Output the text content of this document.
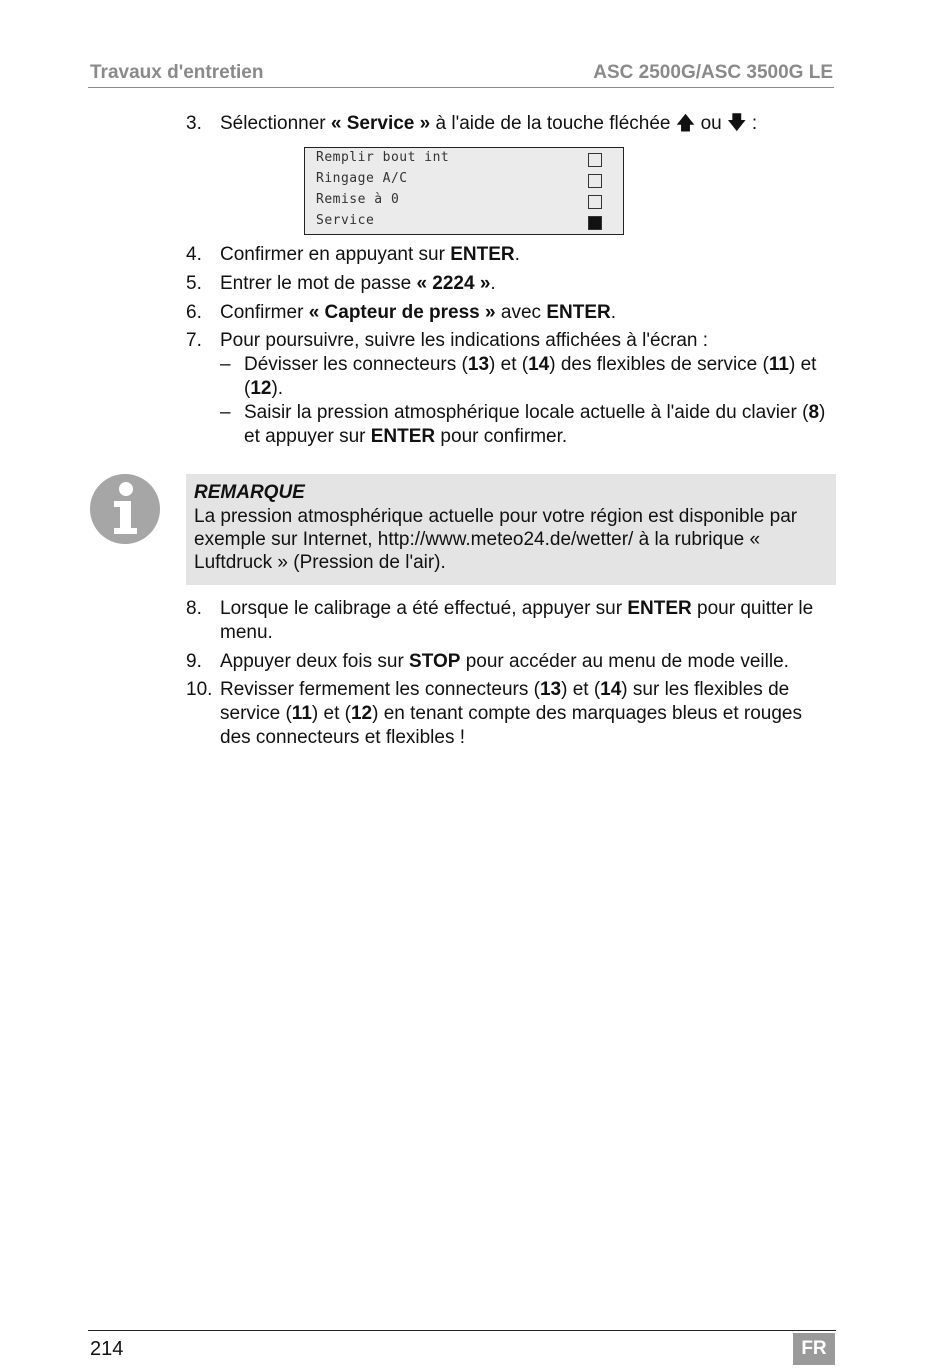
Travaux d'entretien	ASC 2500G/ASC 3500G LE
3. Sélectionner « Service » à l'aide de la touche fléchée 🡅 ou 🡇 :
Remplir bout int
Ringage A/C
Remise à 0
Service
4. Confirmer en appuyant sur ENTER.
5. Entrer le mot de passe « 2224 ».
6. Confirmer « Capteur de press » avec ENTER.
7. Pour poursuivre, suivre les indications affichées à l'écran :
– Dévisser les connecteurs (13) et (14) des flexibles de service (11) et (12).
– Saisir la pression atmosphérique locale actuelle à l'aide du clavier (8) et appuyer sur ENTER pour confirmer.
REMARQUE
La pression atmosphérique actuelle pour votre région est disponible par exemple sur Internet, http://www.meteo24.de/wetter/ à la rubrique « Luftdruck » (Pression de l'air).
8. Lorsque le calibrage a été effectué, appuyer sur ENTER pour quitter le menu.
9. Appuyer deux fois sur STOP pour accéder au menu de mode veille.
10. Revisser fermement les connecteurs (13) et (14) sur les flexibles de service (11) et (12) en tenant compte des marquages bleus et rouges des connecteurs et flexibles !
214	FR
